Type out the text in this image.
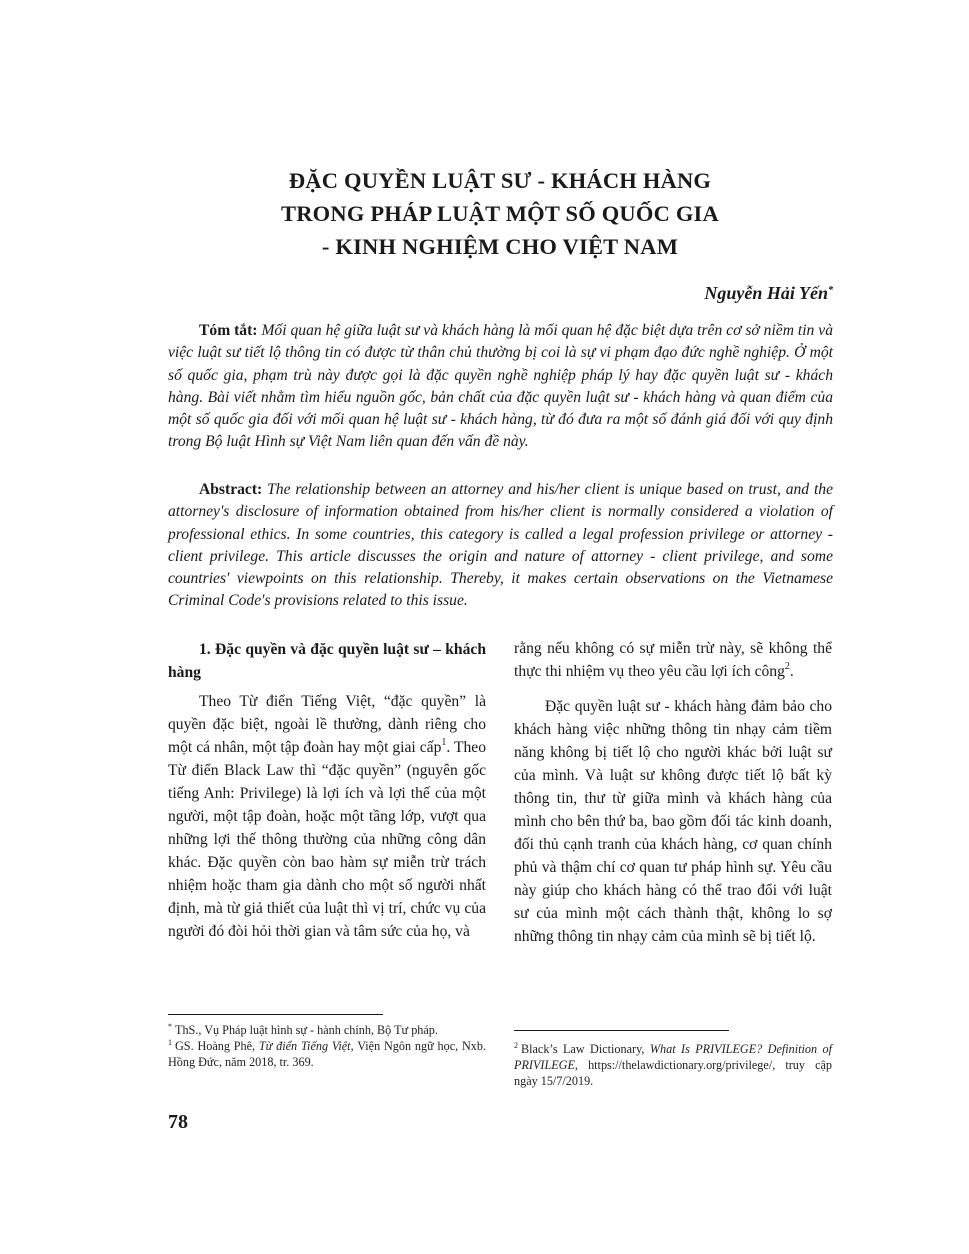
ĐẶC QUYỀN LUẬT SƯ - KHÁCH HÀNG
TRONG PHÁP LUẬT MỘT SỐ QUỐC GIA
- KINH NGHIỆM CHO VIỆT NAM
Nguyễn Hải Yến*
Tóm tắt: Mối quan hệ giữa luật sư và khách hàng là mối quan hệ đặc biệt dựa trên cơ sở niềm tin và việc luật sư tiết lộ thông tin có được từ thân chủ thường bị coi là sự vi phạm đạo đức nghề nghiệp. Ở một số quốc gia, phạm trù này được gọi là đặc quyền nghề nghiệp pháp lý hay đặc quyền luật sư - khách hàng. Bài viết nhằm tìm hiểu nguồn gốc, bản chất của đặc quyền luật sư - khách hàng và quan điểm của một số quốc gia đối với mối quan hệ luật sư - khách hàng, từ đó đưa ra một số đánh giá đối với quy định trong Bộ luật Hình sự Việt Nam liên quan đến vấn đề này.
Abstract: The relationship between an attorney and his/her client is unique based on trust, and the attorney's disclosure of information obtained from his/her client is normally considered a violation of professional ethics. In some countries, this category is called a legal profession privilege or attorney - client privilege. This article discusses the origin and nature of attorney - client privilege, and some countries' viewpoints on this relationship. Thereby, it makes certain observations on the Vietnamese Criminal Code's provisions related to this issue.
1. Đặc quyền và đặc quyền luật sư – khách hàng
Theo Từ điển Tiếng Việt, “đặc quyền” là quyền đặc biệt, ngoài lề thường, dành riêng cho một cá nhân, một tập đoàn hay một giai cấp$^1$. Theo Từ điển Black Law thì “đặc quyền” (nguyên gốc tiếng Anh: Privilege) là lợi ích và lợi thế của một người, một tập đoàn, hoặc một tầng lớp, vượt qua những lợi thế thông thường của những công dân khác. Đặc quyền còn bao hàm sự miễn trừ trách nhiệm hoặc tham gia dành cho một số người nhất định, mà từ giả thiết của luật thì vị trí, chức vụ của người đó đòi hỏi thời gian và tâm sức của họ, và
rằng nếu không có sự miễn trừ này, sẽ không thể thực thi nhiệm vụ theo yêu cầu lợi ích công$^2$.
Đặc quyền luật sư - khách hàng đảm bảo cho khách hàng việc những thông tin nhạy cảm tiềm năng không bị tiết lộ cho người khác bởi luật sư của mình. Và luật sư không được tiết lộ bất kỳ thông tin, thư từ giữa mình và khách hàng của mình cho bên thứ ba, bao gồm đối tác kinh doanh, đối thủ cạnh tranh của khách hàng, cơ quan chính phủ và thậm chí cơ quan tư pháp hình sự. Yêu cầu này giúp cho khách hàng có thể trao đổi với luật sư của mình một cách thành thật, không lo sợ những thông tin nhạy cảm của mình sẽ bị tiết lộ.

* ThS., Vụ Pháp luật hình sự - hành chính, Bộ Tư pháp.

$^1$ GS. Hoàng Phê, Từ điển Tiếng Việt, Viện Ngôn ngữ học, Nxb. Hồng Đức, năm 2018, tr. 369.

$^2$ Black’s Law Dictionary, What Is PRIVILEGE? Definition of PRIVILEGE, https://thelawdictionary.org/privilege/, truy cập ngày 15/7/2019.

78
